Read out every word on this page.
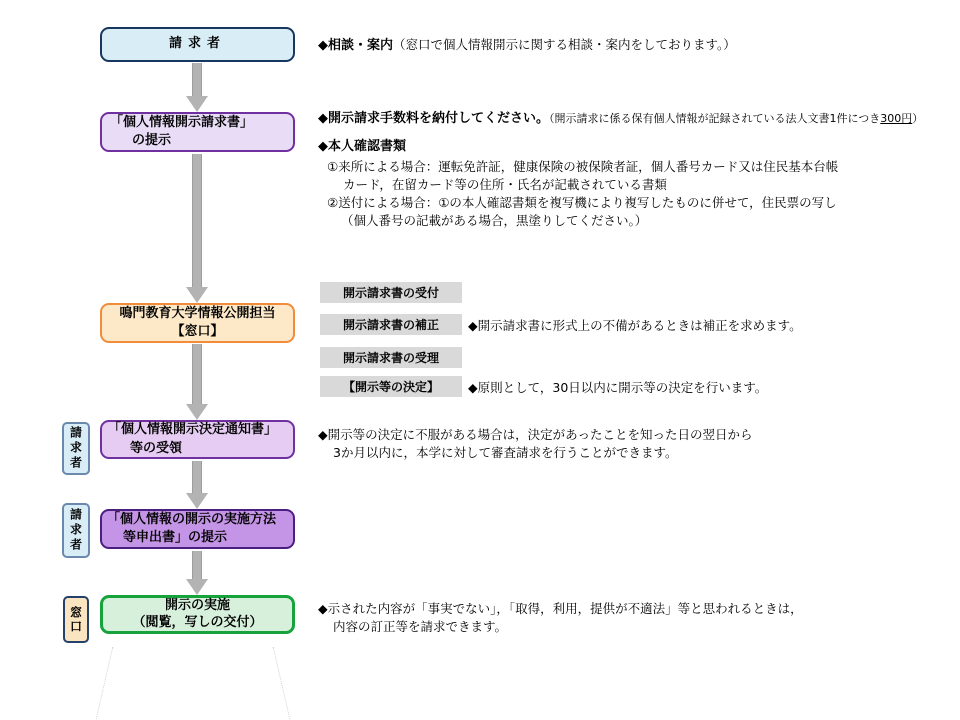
請求者
「個人情報開示請求書」
の提示
鳴門教育大学情報公開担当
【窓口】
請求者	「個人情報開示決定通知書」
等の受領
請求者	「個人情報の開示の実施方法
等申出書」の提示
窓口
開示の実施
（閲覧，写しの交付）
開示請求書の受付
開示請求書の補正
開示請求書の受理
【開示等の決定】
◆相談・案内（窓口で個人情報開示に関する相談・案内をしております。）
◆開示請求手数料を納付してください。（開示請求に係る保有個人情報が記録されている法人文書1件につき300円）
◆本人確認書類
①来所による場合：運転免許証，健康保険の被保険者証，個人番号カード又は住民基本台帳
カード，在留カード等の住所・氏名が記載されている書類
②送付による場合：①の本人確認書類を複写機により複写したものに併せて，住民票の写し
（個人番号の記載がある場合，黒塗りしてください。）
◆開示請求書に形式上の不備があるときは補正を求めます。
◆原則として，30日以内に開示等の決定を行います。
◆開示等の決定に不服がある場合は，決定があったことを知った日の翌日から
3か月以内に，本学に対して審査請求を行うことができます。
◆示された内容が「事実でない」，「取得，利用，提供が不適法」等と思われるときは，
内容の訂正等を請求できます。
